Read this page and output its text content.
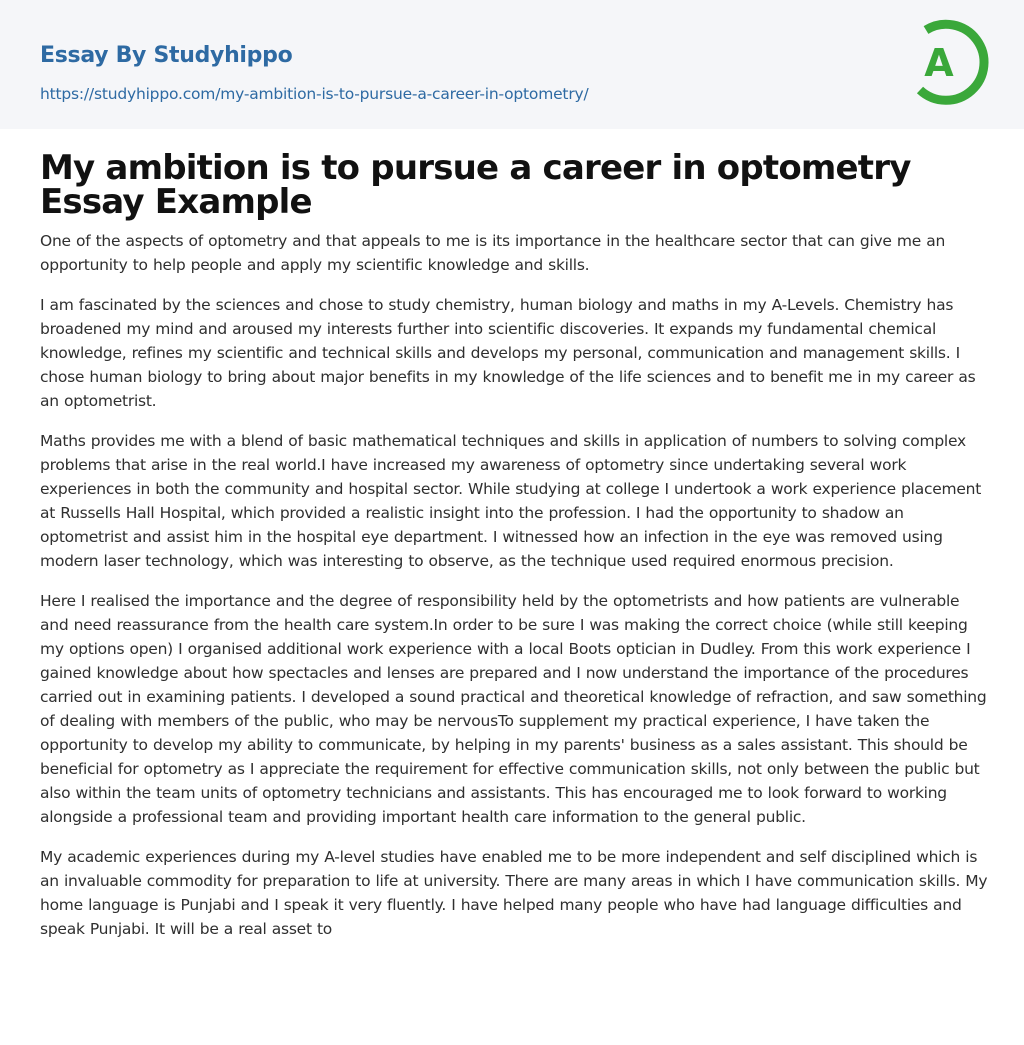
Essay By Studyhippo
https://studyhippo.com/my-ambition-is-to-pursue-a-career-in-optometry/
A
My ambition is to pursue a career in optometry Essay Example

One of the aspects of optometry and that appeals to me is its importance in the healthcare sector that can give me an opportunity to help people and apply my scientific knowledge and skills.

I am fascinated by the sciences and chose to study chemistry, human biology and maths in my A-Levels. Chemistry has broadened my mind and aroused my interests further into scientific discoveries. It expands my fundamental chemical knowledge, refines my scientific and technical skills and develops my personal, communication and management skills. I chose human biology to bring about major benefits in my knowledge of the life sciences and to benefit me in my career as an optometrist.

Maths provides me with a blend of basic mathematical techniques and skills in application of numbers to solving complex problems that arise in the real world.I have increased my awareness of optometry since undertaking several work experiences in both the community and hospital sector. While studying at college I undertook a work experience placement at Russells Hall Hospital, which provided a realistic insight into the profession. I had the opportunity to shadow an optometrist and assist him in the hospital eye department. I witnessed how an infection in the eye was removed using modern laser technology, which was interesting to observe, as the technique used required enormous precision.

Here I realised the importance and the degree of responsibility held by the optometrists and how patients are vulnerable and need reassurance from the health care system.In order to be sure I was making the correct choice (while still keeping my options open) I organised additional work experience with a local Boots optician in Dudley. From this work experience I gained knowledge about how spectacles and lenses are prepared and I now understand the importance of the procedures carried out in examining patients. I developed a sound practical and theoretical knowledge of refraction, and saw something of dealing with members of the public, who may be nervousTo supplement my practical experience, I have taken the opportunity to develop my ability to communicate, by helping in my parents' business as a sales assistant. This should be beneficial for optometry as I appreciate the requirement for effective communication skills, not only between the public but also within the team units of optometry technicians and assistants. This has encouraged me to look forward to working alongside a professional team and providing important health care information to the general public.

My academic experiences during my A-level studies have enabled me to be more independent and self disciplined which is an invaluable commodity for preparation to life at university. There are many areas in which I have communication skills. My home language is Punjabi and I speak it very fluently. I have helped many people who have had language difficulties and speak Punjabi. It will be a real asset to
